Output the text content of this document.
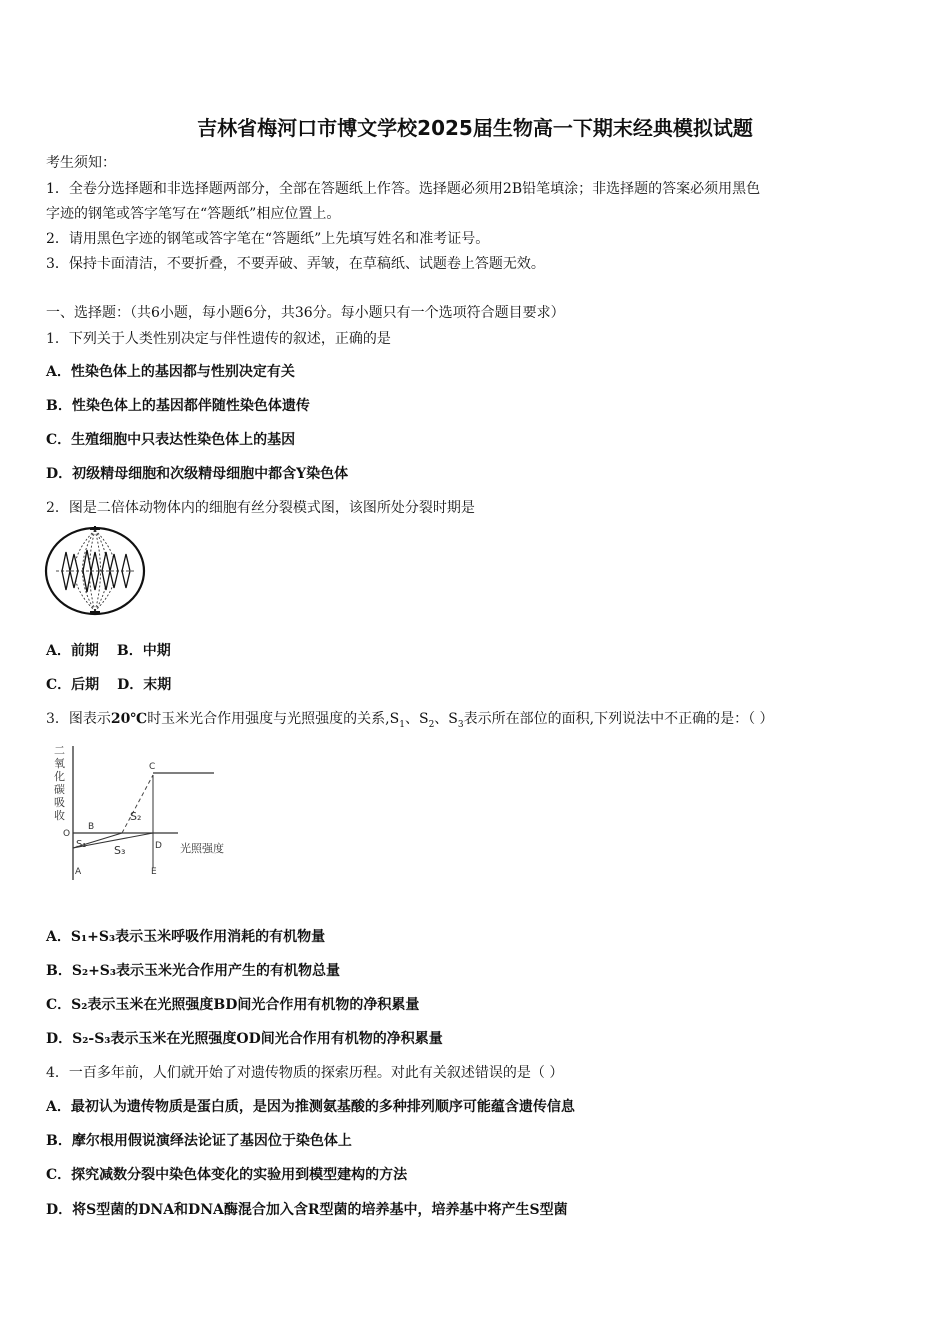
吉林省梅河口市博文学校2025届生物高一下期末经典模拟试题
考生须知：
1．全卷分选择题和非选择题两部分，全部在答题纸上作答。选择题必须用2B铅笔填涂；非选择题的答案必须用黑色
字迹的钢笔或答字笔写在“答题纸”相应位置上。
2．请用黑色字迹的钢笔或答字笔在“答题纸”上先填写姓名和准考证号。
3．保持卡面清洁，不要折叠，不要弄破、弄皱，在草稿纸、试题卷上答题无效。
一、选择题：（共6小题，每小题6分，共36分。每小题只有一个选项符合题目要求）
1．下列关于人类性别决定与伴性遗传的叙述，正确的是
A．性染色体上的基因都与性别决定有关
B．性染色体上的基因都伴随性染色体遗传
C．生殖细胞中只表达性染色体上的基因
D．初级精母细胞和次级精母细胞中都含Y染色体
2．图是二倍体动物体内的细胞有丝分裂模式图，该图所处分裂时期是
A．前期 B．中期
C．后期 D．末期
3．图表示20℃时玉米光合作用强度与光照强度的关系$,S_1$、$S_2$、$S_3$表示所在部位的面积,下列说法中不正确的是：（ ）
二
氧
化
碳
吸
收
O
B
C
D
A	E
S₁
S₂
S₃	光照强度
A．S₁+S₃表示玉米呼吸作用消耗的有机物量
B．S₂+S₃表示玉米光合作用产生的有机物总量
C．S₂表示玉米在光照强度BD间光合作用有机物的净积累量
D．S₂-S₃表示玉米在光照强度OD间光合作用有机物的净积累量
4．一百多年前，人们就开始了对遗传物质的探索历程。对此有关叙述错误的是（ ）
A．最初认为遗传物质是蛋白质，是因为推测氨基酸的多种排列顺序可能蕴含遗传信息
B．摩尔根用假说演绎法论证了基因位于染色体上
C．探究减数分裂中染色体变化的实验用到模型建构的方法
D．将S型菌的DNA和DNA酶混合加入含R型菌的培养基中，培养基中将产生S型菌
